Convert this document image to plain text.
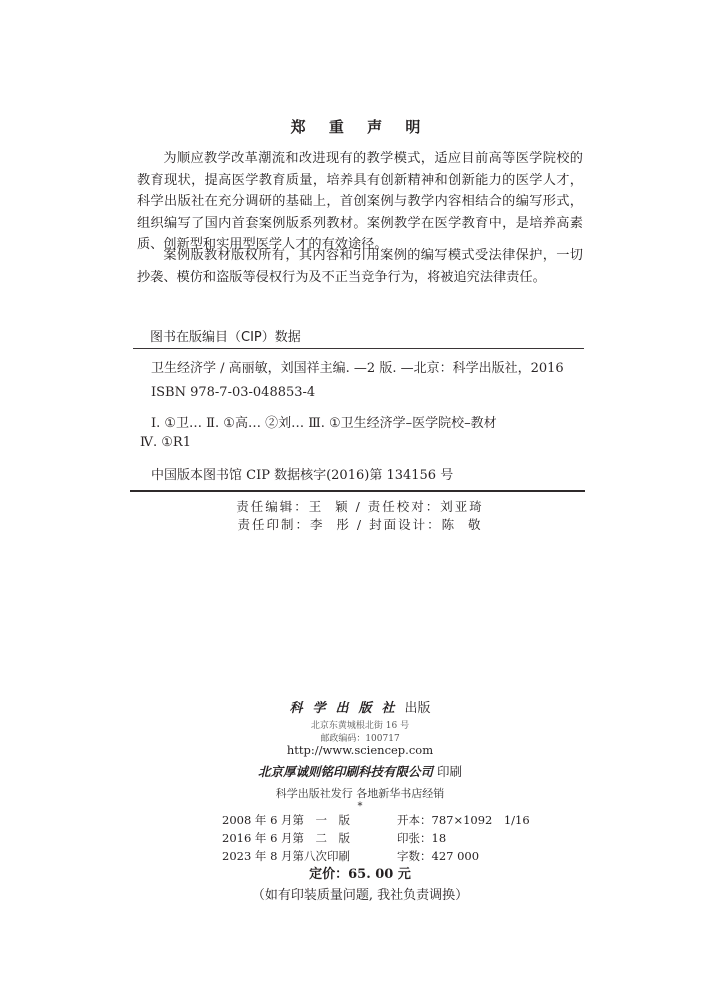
郑 重 声 明

为顺应教学改革潮流和改进现有的教学模式，适应目前高等医学院校的教育现状，提高医学教育质量，培养具有创新精神和创新能力的医学人才，科学出版社在充分调研的基础上，首创案例与教学内容相结合的编写形式，组织编写了国内首套案例版系列教材。案例教学在医学教育中，是培养高素质、创新型和实用型医学人才的有效途径。

案例版教材版权所有，其内容和引用案例的编写模式受法律保护，一切抄袭、模仿和盗版等侵权行为及不正当竞争行为，将被追究法律责任。

图书在版编目（CIP）数据
卫生经济学 / 高丽敏，刘国祥主编. —2 版. —北京：科学出版社，2016
ISBN 978-7-03-048853-4
Ⅰ. ①卫… Ⅱ. ①高… ②刘… Ⅲ. ①卫生经济学–医学院校–教材
Ⅳ. ①R1
中国版本图书馆 CIP 数据核字(2016)第 134156 号
责任编辑：王  颖 / 责任校对：刘亚琦
责任印制：李  彤 / 封面设计：陈  敬
科学出版社出版
北京东黄城根北街 16 号
邮政编码：100717
http://www.sciencep.com
北京厚诚则铭印刷科技有限公司 印刷
科学出版社发行 各地新华书店经销
*
2008 年 6 月第　一　版	开本：787×1092　1/16
2016 年 6 月第　二　版	印张：18
2023 年 8 月第八次印刷	字数：427 000
定价：65. 00 元
（如有印装质量问题, 我社负责调换）
